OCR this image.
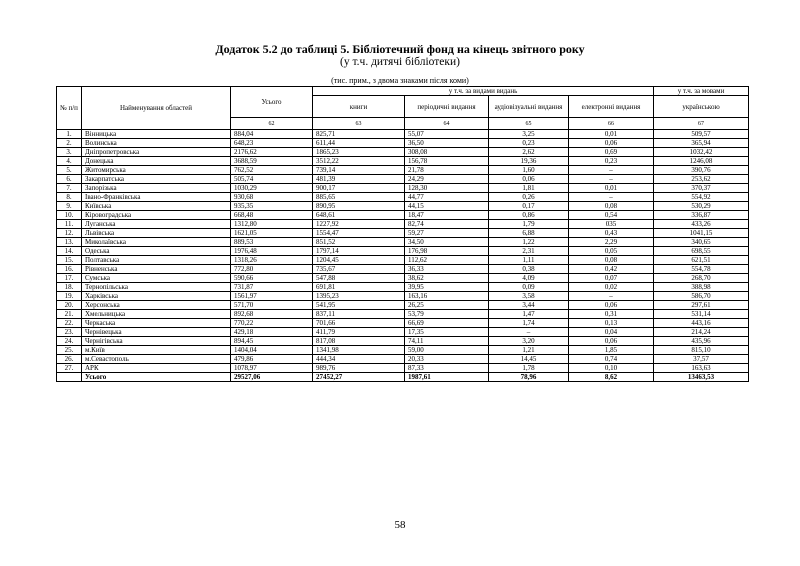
Додаток 5.2 до таблиці 5. Бібліотечний фонд на кінець звітного року
(у т.ч. дитячі бібліотеки)
(тис. прим., з двома знаками після коми)
№ п/п	Найменування областей	Усього	у т.ч. за видами видань				у т.ч. за мовами
			книги	періодичні видання	аудіовізуальні видання	електронні видання	українською
		62	63	64	65	66	67
1.	Вінницька	884,04	825,71	55,07	3,25	0,01	509,57
2.	Волинська	648,23	611,44	36,50	0,23	0,06	365,94
3.	Дніпропетровська	2176,62	1865,23	308,08	2,62	0,69	1032,42
4.	Донецька	3688,59	3512,22	156,78	19,36	0,23	1246,08
5.	Житомирська	762,52	739,14	21,78	1,60	–	390,76
6.	Закарпатська	505,74	481,39	24,29	0,06	–	253,62
7.	Запорізька	1030,29	900,17	128,30	1,81	0,01	370,37
8.	Івано-Франківська	930,68	885,65	44,77	0,26	–	554,92
9.	Київська	935,35	890,95	44,15	0,17	0,08	530,29
10.	Кіровоградська	668,48	648,61	18,47	0,86	0,54	336,87
11.	Луганська	1312,80	1227,92	82,74	1,79	035	433,26
12.	Львівська	1621,05	1554,47	59,27	6,88	0,43	1041,15
13.	Миколаївська	889,53	851,52	34,50	1,22	2,29	340,65
14.	Одеська	1976,48	1797,14	176,98	2,31	0,05	698,55
15.	Полтавська	1318,26	1204,45	112,62	1,11	0,08	621,51
16.	Рівненська	772,80	735,67	36,33	0,38	0,42	554,78
17.	Сумська	590,66	547,88	38,62	4,09	0,07	268,70
18.	Тернопільська	731,87	691,81	39,95	0,09	0,02	388,98
19.	Харківська	1561,97	1395,23	163,16	3,58	–	586,70
20.	Херсонська	571,70	541,95	26,25	3,44	0,06	297,61
21.	Хмельницька	892,68	837,11	53,79	1,47	0,31	531,14
22.	Черкаська	770,22	701,66	66,69	1,74	0,13	443,16
23.	Чернівецька	429,18	411,79	17,35	–	0,04	214,24
24.	Чернігівська	894,45	817,08	74,11	3,20	0,06	435,96
25.	м.Київ	1404,04	1341,98	59,00	1,21	1,85	815,10
26.	м.Севастополь	479,86	444,34	20,33	14,45	0,74	37,57
27.	АРК	1078,97	989,76	87,33	1,78	0,10	163,63
	Усього	29527,06	27452,27	1987,61	78,96	8,62	13463,53
58
